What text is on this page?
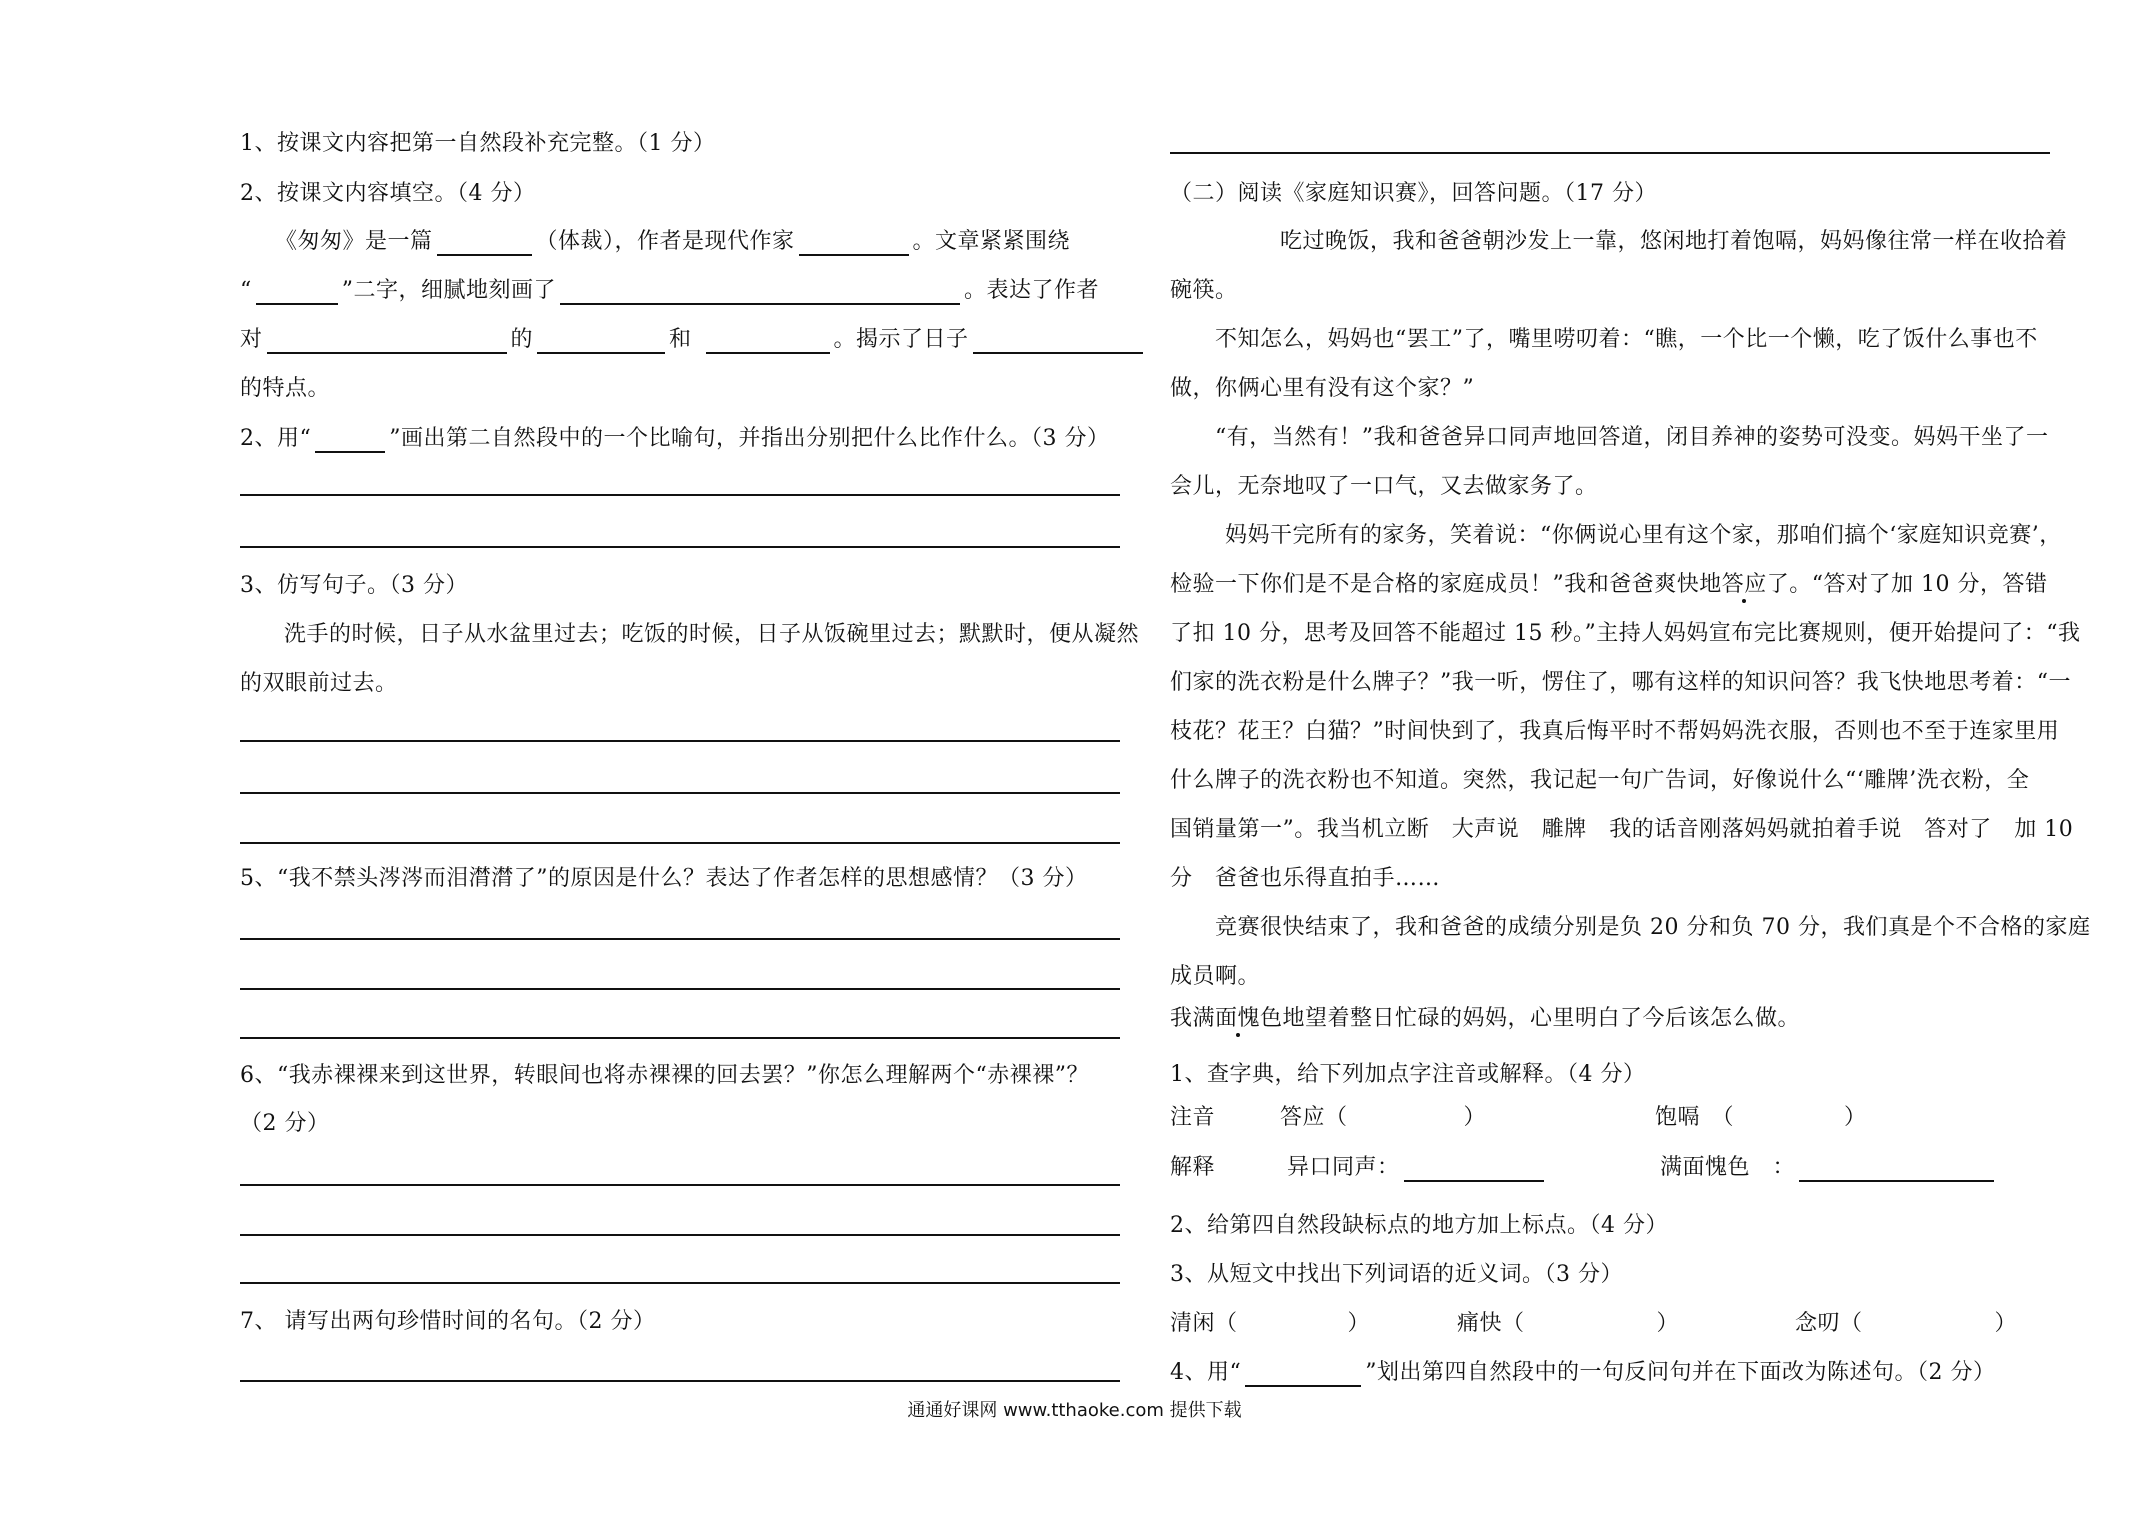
1、按课文内容把第一自然段补充完整。（1 分）
2、按课文内容填空。（4 分）
《匆匆》是一篇	（体裁），作者是现代作家	。文章紧紧围绕
“	”二字，细腻地刻画了	。表达了作者
对	的	和	。揭示了日子
的特点。
2、用“	”画出第二自然段中的一个比喻句，并指出分别把什么比作什么。（3 分）
3、仿写句子。（3 分）
洗手的时候，日子从水盆里过去；吃饭的时候，日子从饭碗里过去；默默时，便从凝然
的双眼前过去。
5、“我不禁头涔涔而泪潸潸了”的原因是什么？表达了作者怎样的思想感情？（3 分）
6、“我赤裸裸来到这世界，转眼间也将赤裸裸的回去罢？”你怎么理解两个“赤裸裸”？
（2 分）
7、 请写出两句珍惜时间的名句。（2 分）
（二）阅读《家庭知识赛》，回答问题。（17 分）
吃过晚饭，我和爸爸朝沙发上一靠，悠闲地打着饱嗝，妈妈像往常一样在收拾着
碗筷。
不知怎么，妈妈也“罢工”了，嘴里唠叨着：“瞧，一个比一个懒，吃了饭什么事也不
做，你俩心里有没有这个家？”
“有，当然有！”我和爸爸异口同声地回答道，闭目养神的姿势可没变。妈妈干坐了一
会儿，无奈地叹了一口气，又去做家务了。
妈妈干完所有的家务，笑着说：“你俩说心里有这个家，那咱们搞个‘家庭知识竞赛’，
检验一下你们是不是合格的家庭成员！”我和爸爸爽快地答应了。“答对了加 10 分，答错
了扣 10 分，思考及回答不能超过 15 秒。”主持人妈妈宣布完比赛规则，便开始提问了：“我
们家的洗衣粉是什么牌子？”我一听，愣住了，哪有这样的知识问答？我飞快地思考着：“一
枝花？花王？白猫？”时间快到了，我真后悔平时不帮妈妈洗衣服，否则也不至于连家里用
什么牌子的洗衣粉也不知道。突然，我记起一句广告词，好像说什么“‘雕牌’洗衣粉，全
国销量第一”。我当机立断　大声说　雕牌　我的话音刚落妈妈就拍着手说　答对了　加 10
分　爸爸也乐得直拍手……
竞赛很快结束了，我和爸爸的成绩分别是负 20 分和负 70 分，我们真是个不合格的家庭
成员啊。
我满面愧色地望着整日忙碌的妈妈，心里明白了今后该怎么做。
1、查字典，给下列加点字注音或解释。（4 分）
注音	答应（	）	饱嗝　（	）
解释	异口同声：	满面愧色　：
2、给第四自然段缺标点的地方加上标点。（4 分）
3、从短文中找出下列词语的近义词。（3 分）
清闲（	）	痛快（	）	念叨（	）
4、用“	”划出第四自然段中的一句反问句并在下面改为陈述句。（2 分）
通通好课网 www.tthaoke.com 提供下载
